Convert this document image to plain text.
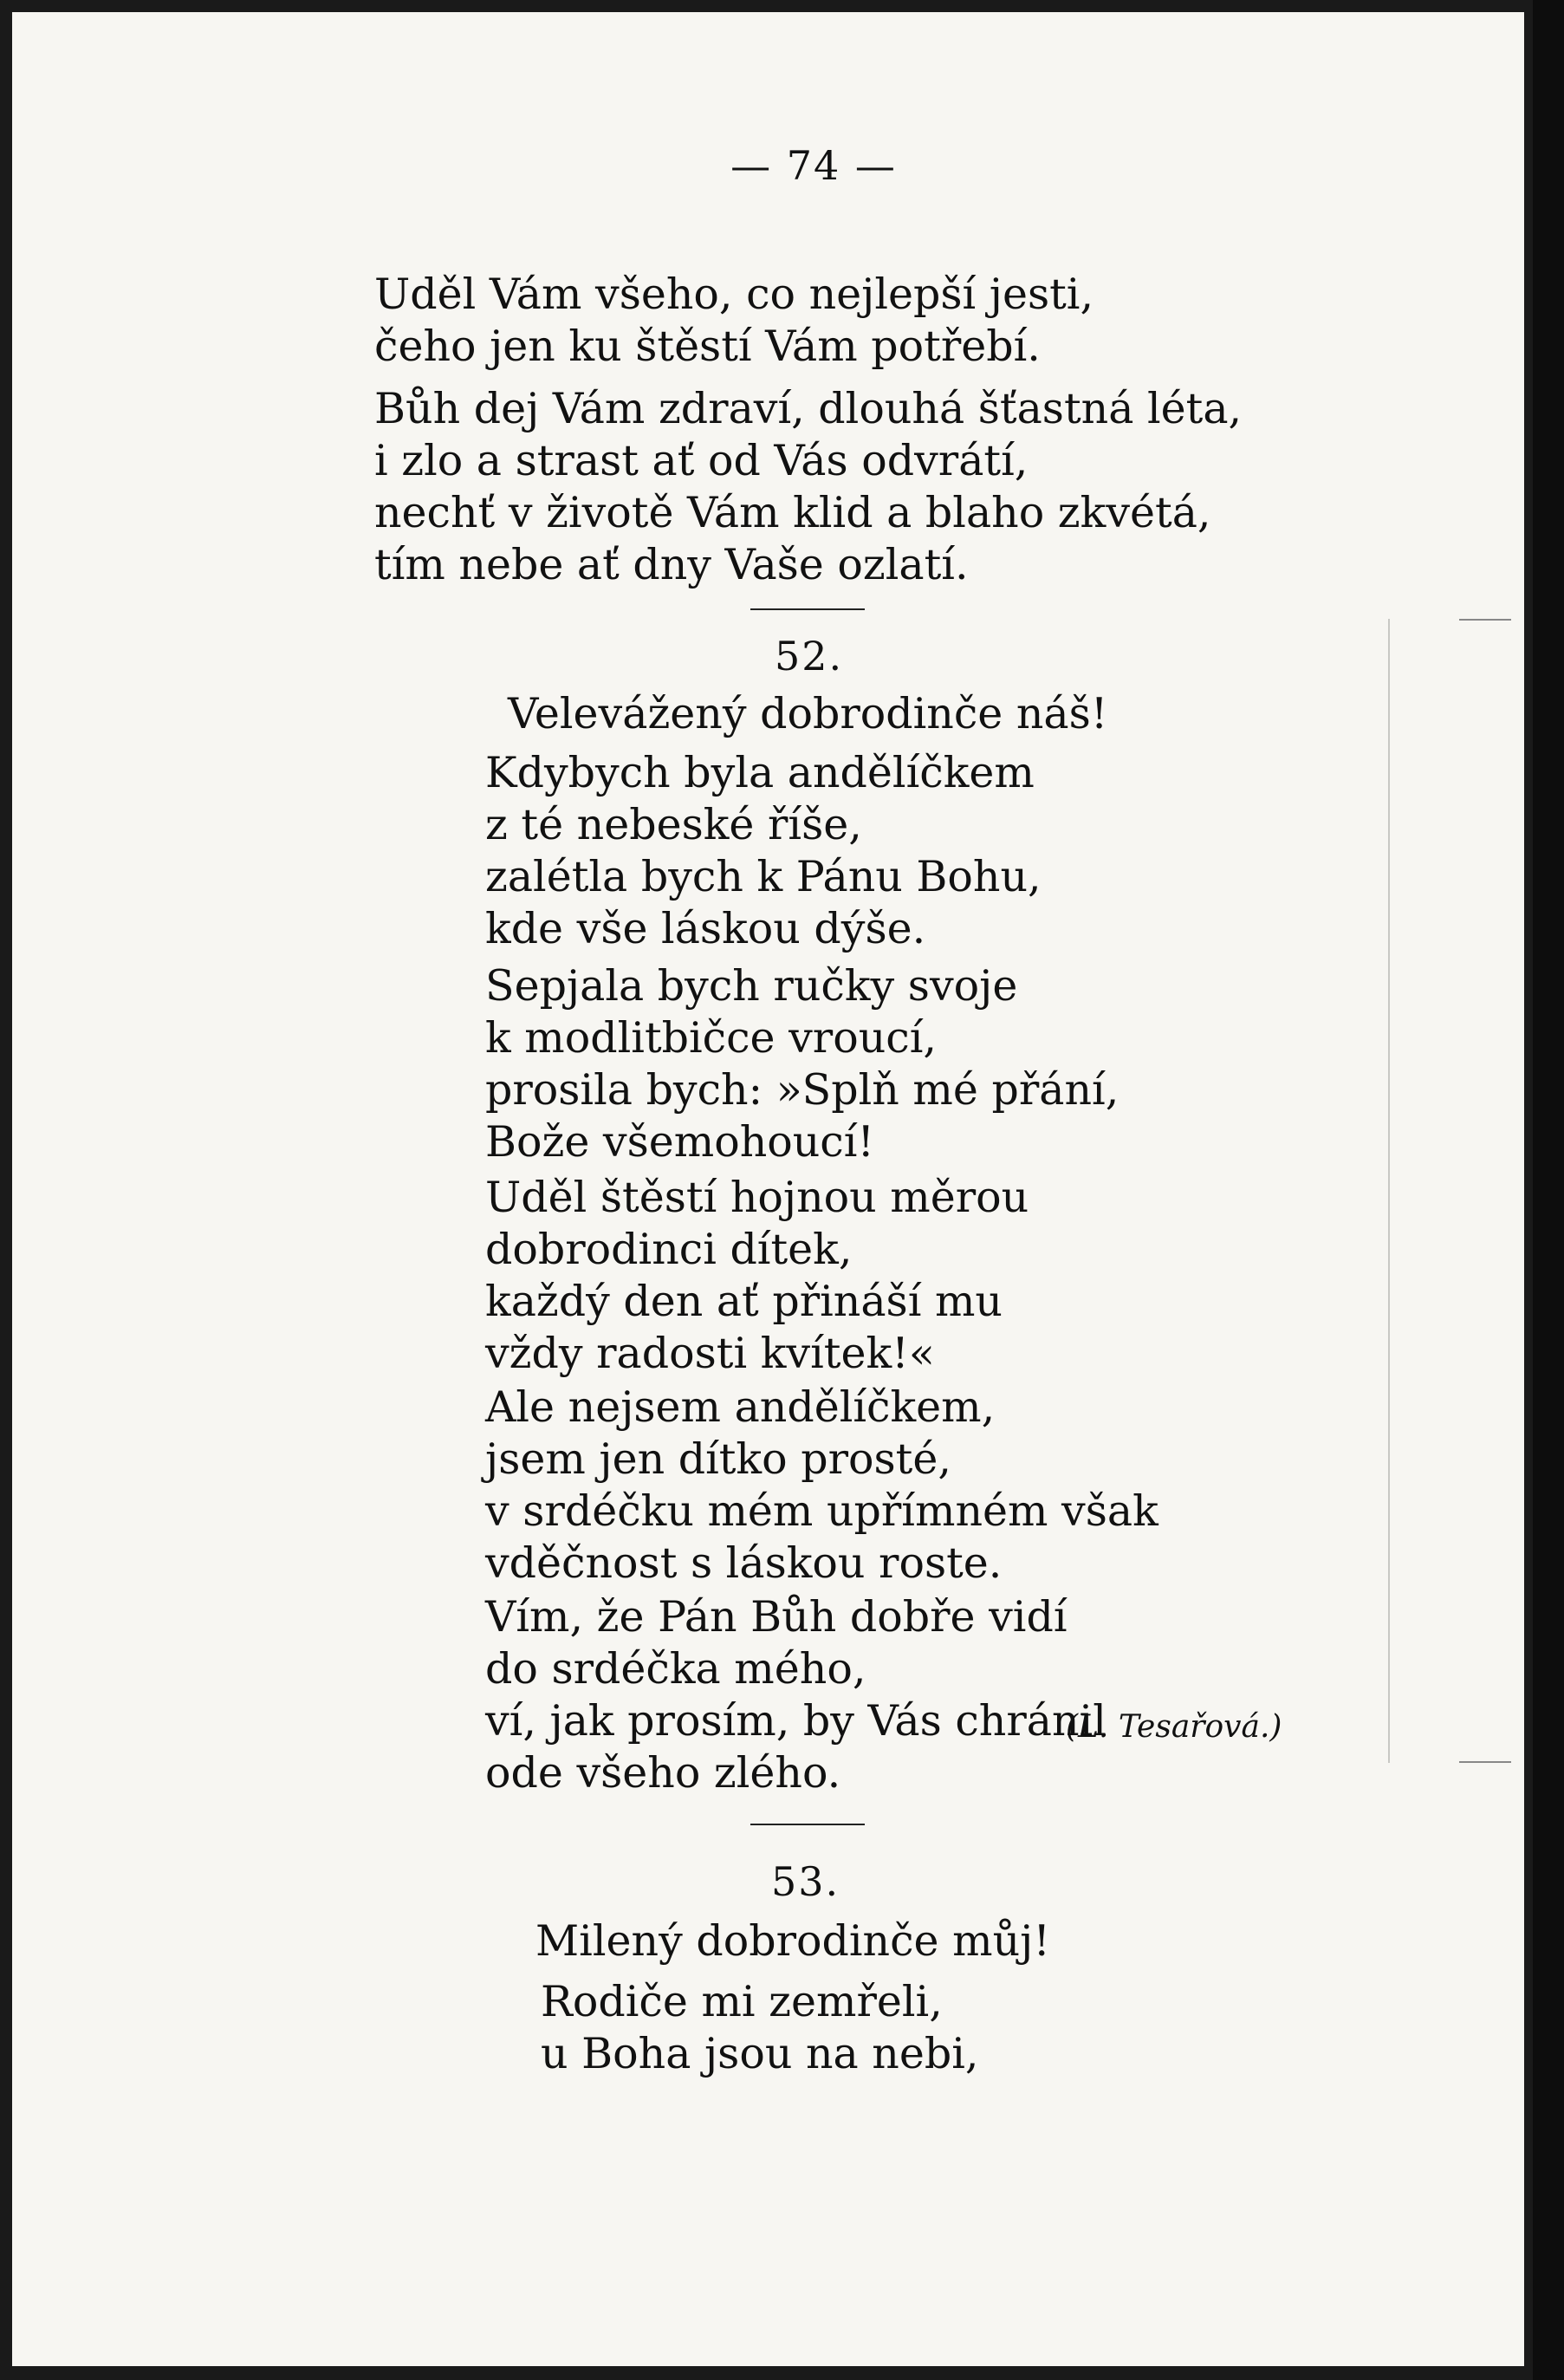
— 74 —
Uděl Vám všeho, co nejlepší jesti,
čeho jen ku štěstí Vám potřebí.
Bůh dej Vám zdraví, dlouhá šťastná léta,
i zlo a strast ať od Vás odvrátí,
nechť v životě Vám klid a blaho zkvétá,
tím nebe ať dny Vaše ozlatí.
52.
Velevážený dobrodinče náš!
Kdybych byla andělíčkem
z té nebeské říše,
zalétla bych k Pánu Bohu,
kde vše láskou dýše.
Sepjala bych ručky svoje
k modlitbičce vroucí,
prosila bych: »Splň mé přání,
Bože všemohoucí!
Uděl štěstí hojnou měrou
dobrodinci dítek,
každý den ať přináší mu
vždy radosti kvítek!«
Ale nejsem andělíčkem,
jsem jen dítko prosté,
v srdéčku mém upřímném však
vděčnost s láskou roste.
Vím, že Pán Bůh dobře vidí
do srdéčka mého,
ví, jak prosím, by Vás chránil
ode všeho zlého.
(L. Tesařová.)
53.
Milený dobrodinče můj!
Rodiče mi zemřeli,
u Boha jsou na nebi,
